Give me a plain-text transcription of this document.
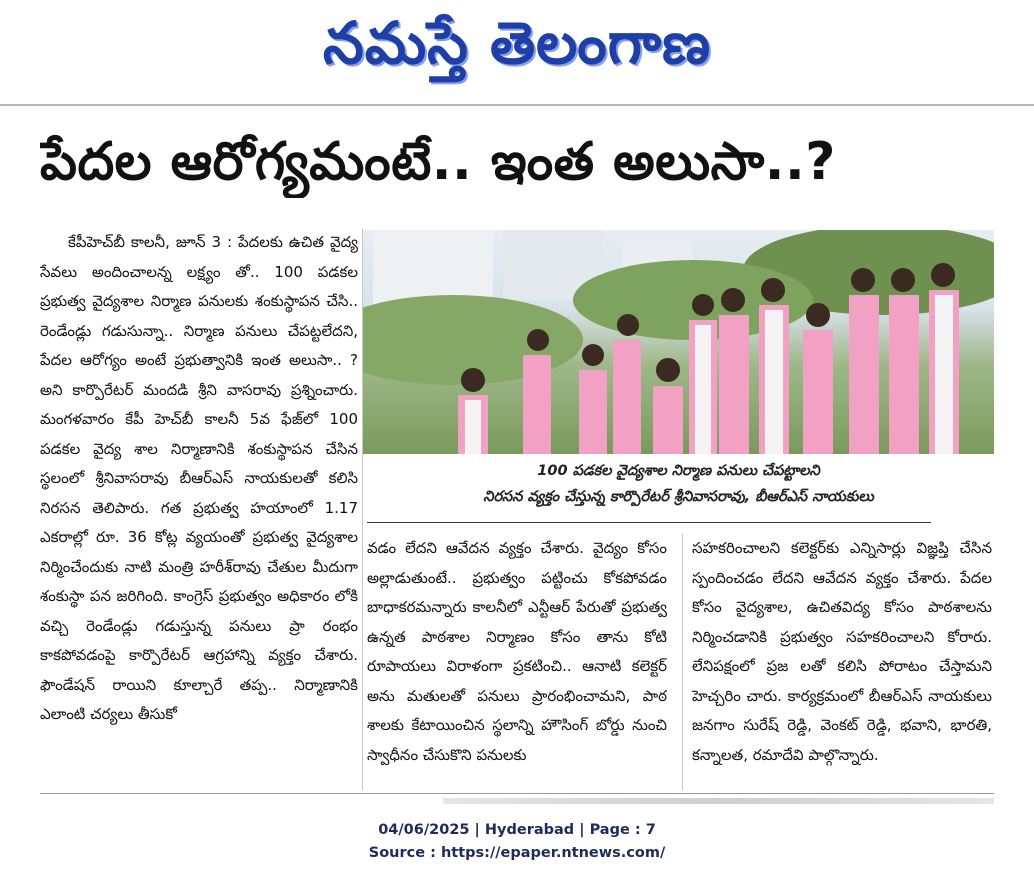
నమస్తే తెలంగాణ
పేదల ఆరోగ్యమంటే.. ఇంత అలుసా..?

కేపీహెచ్‌బీ కాలనీ, జూన్‌ 3 : పేదలకు ఉచిత వైద్య సేవలు అందించాలన్న లక్ష్యం తో.. 100 పడకల ప్రభుత్వ వైద్యశాల నిర్మాణ పనులకు శంకుస్థాపన చేసి.. రెండేండ్లు గడుసున్నా.. నిర్మాణ పనులు చేపట్టలేదని, పేదల ఆరోగ్యం అంటే ప్రభుత్వానికి ఇంత అలుసా.. ? అని కార్పొరేటర్‌ మందడి శ్రీని వాసరావు ప్రశ్నించారు. మంగళవారం కేపీ హెచ్‌బీ కాలనీ 5వ ఫేజ్‌లో 100 పడకల వైద్య శాల నిర్మాణానికి శంకుస్థాపన చేసిన స్థలంలో శ్రీనివాసరావు బీఆర్‌ఎస్‌ నాయకులతో కలిసి నిరసన తెలిపారు. గత ప్రభుత్వ హయాంలో 1.17 ఎకరాల్లో రూ. 36 కోట్ల వ్యయంతో ప్రభుత్వ వైద్యశాల నిర్మించేందుకు నాటి మంత్రి హరీశ్‌రావు చేతుల మీదుగా శంకుస్థా పన జరిగింది. కాంగ్రెస్‌ ప్రభుత్వం అధికారం లోకి వచ్చి రెండేండ్లు గడుస్తున్న పనులు ప్రా రంభం కాకపోవడంపై కార్పొరేటర్‌ ఆగ్రహాన్ని వ్యక్తం చేశారు. ఫౌండేషన్‌ రాయిని కూల్చారే తప్ప.. నిర్మాణానికి ఎలాంటి చర్యలు తీసుకో

100 పడకల వైద్యశాల నిర్మాణ పనులు చేపట్టాలని
నిరసన వ్యక్తం చేస్తున్న కార్పొరేటర్‌ శ్రీనివాసరావు, బీఆర్‌ఎస్‌ నాయకులు

వడం లేదని ఆవేదన వ్యక్తం చేశారు. వైద్యం కోసం అల్లాడుతుంటే.. ప్రభుత్వం పట్టించు కోకపోవడం బాధాకరమన్నారు కాలనీలో ఎన్టీఆర్‌ పేరుతో ప్రభుత్వ ఉన్నత పాఠశాల నిర్మాణం కోసం తాను కోటి రూపాయలు విరాళంగా ప్రకటించి.. ఆనాటి కలెక్టర్‌ అను మతులతో పనులు ప్రారంభించామని, పాఠ శాలకు కేటాయించిన స్థలాన్ని హౌసింగ్‌ బోర్డు నుంచి స్వాధీనం చేసుకొని పనులకు

సహకరించాలని కలెక్టర్‌కు ఎన్నిసార్లు విజ్ఞప్తి చేసిన స్పందించడం లేదని ఆవేదన వ్యక్తం చేశారు. పేదల కోసం వైద్యశాల, ఉచితవిద్య కోసం పాఠశాలను నిర్మించడానికి ప్రభుత్వం సహకరించాలని కోరారు. లేనిపక్షంలో ప్రజ లతో కలిసి పోరాటం చేస్తామని హెచ్చరిం చారు. కార్యక్రమంలో బీఆర్‌ఎస్‌ నాయకులు జనగాం సురేష్‌ రెడ్డి, వెంకట్‌ రెడ్డి, భవాని, భారతి, కన్నాలత, రమాదేవి పాల్గొన్నారు.

04/06/2025 | Hyderabad | Page : 7
Source : https://epaper.ntnews.com/
